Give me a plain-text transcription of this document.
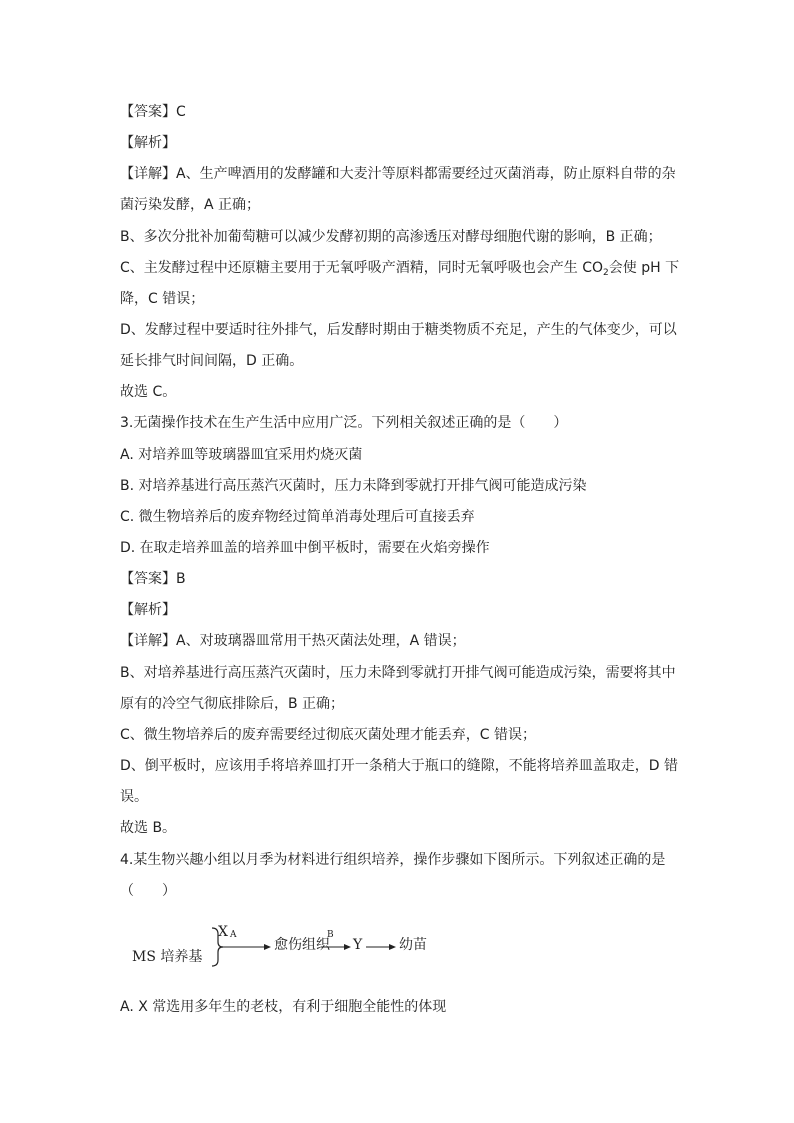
【答案】C
【解析】
【详解】A、生产啤酒用的发酵罐和大麦汁等原料都需要经过灭菌消毒，防止原料自带的杂
菌污染发酵，A 正确；
B、多次分批补加葡萄糖可以减少发酵初期的高渗透压对酵母细胞代谢的影响，B 正确；
C、主发酵过程中还原糖主要用于无氧呼吸产酒精，同时无氧呼吸也会产生 $CO_2$会使 pH 下
降，C 错误；
D、发酵过程中要适时往外排气，后发酵时期由于糖类物质不充足，产生的气体变少，可以
延长排气时间间隔，D 正确。
故选 C。
3.无菌操作技术在生产生活中应用广泛。下列相关叙述正确的是（　　）
A. 对培养皿等玻璃器皿宜采用灼烧灭菌
B. 对培养基进行高压蒸汽灭菌时，压力未降到零就打开排气阀可能造成污染
C. 微生物培养后的废弃物经过简单消毒处理后可直接丢弃
D. 在取走培养皿盖的培养皿中倒平板时，需要在火焰旁操作
【答案】B
【解析】
【详解】A、对玻璃器皿常用干热灭菌法处理，A 错误；
B、对培养基进行高压蒸汽灭菌时，压力未降到零就打开排气阀可能造成污染，需要将其中
原有的冷空气彻底排除后，B 正确；
C、微生物培养后的废弃需要经过彻底灭菌处理才能丢弃，C 错误；
D、倒平板时，应该用手将培养皿打开一条稍大于瓶口的缝隙，不能将培养皿盖取走，D 错
误。
故选 B。
4.某生物兴趣小组以月季为材料进行组织培养，操作步骤如下图所示。下列叙述正确的是
（　　）
X
MS 培养基
A
愈伤组织
B
Y	幼苗
A. X 常选用多年生的老枝，有利于细胞全能性的体现
